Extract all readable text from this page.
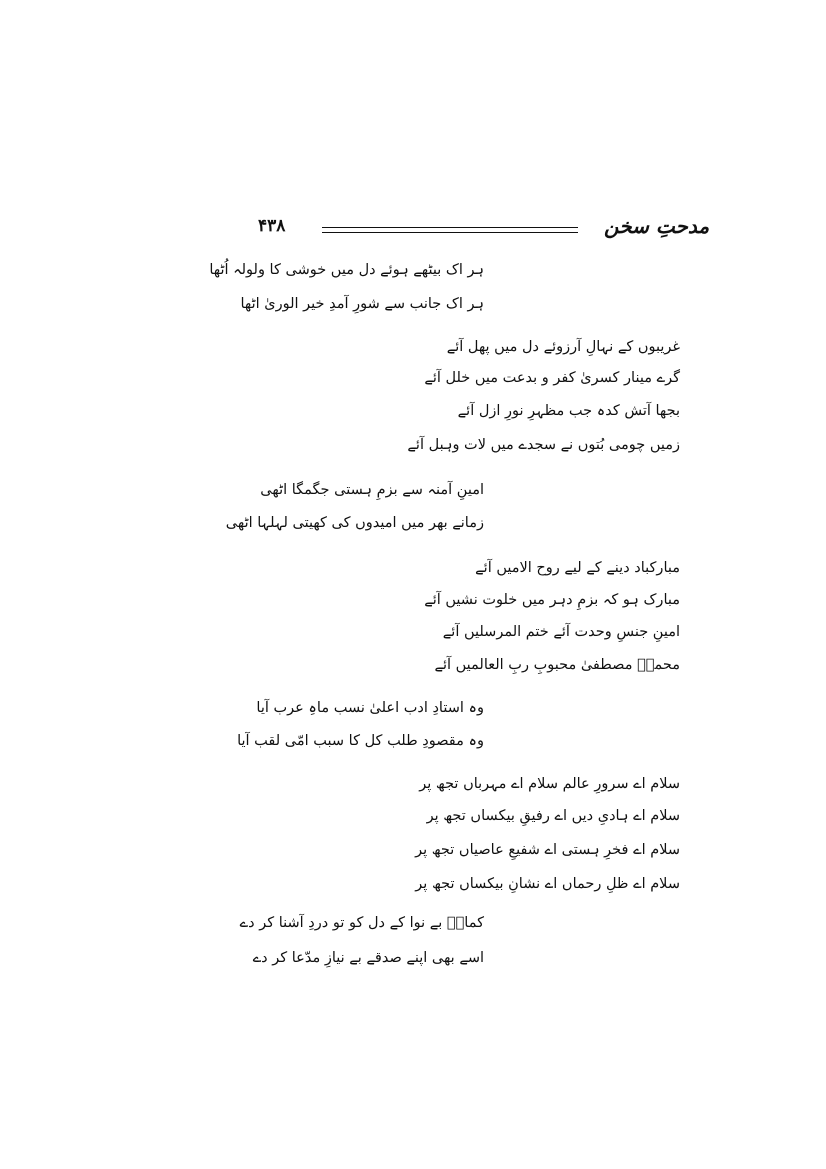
۴۳۸	مدحتِ سخن
ہر اک بیٹھے ہوئے دل میں خوشی کا ولولہ اُٹھا
ہر اک جانب سے شورِ آمدِ خیر الوریٰ اٹھا
غریبوں کے نہالِ آرزوئے دل میں پھل آئے
گرے مینار کسریٰ کفر و بدعت میں خلل آئے
بجھا آتش کدہ جب مظہرِ نورِ ازل آئے
زمیں چومی بُتوں نے سجدے میں لات وہبل آئے
امینِ آمنہ سے بزمِ ہستی جگمگا اٹھی
زمانے بھر میں امیدوں کی کھیتی لہلہا اٹھی
مبارکباد دینے کے لیے روح الامیں آئے
مبارک ہو کہ بزمِ دہر میں خلوت نشیں آئے
امینِ جنسِ وحدت آئے ختم المرسلیں آئے
محمدؐ مصطفیٰ محبوبِ ربِ العالمیں آئے
وہ استادِ ادب اعلیٰ نسب ماہِ عرب آیا
وہ مقصودِ طلب کل کا سبب امّی لقب آیا
سلام اے سرورِ عالم سلام اے مہرباں تجھ پر
سلام اے ہادیِ دیں اے رفیقِ بیکساں تجھ پر
سلام اے فخرِ ہستی اے شفیعِ عاصیاں تجھ پر
سلام اے ظلِ رحماں اے نشانِ بیکساں تجھ پر
کمالؔ بے نوا کے دل کو تو دردِ آشنا کر دے
اسے بھی اپنے صدقے بے نیازِ مدّعا کر دے
